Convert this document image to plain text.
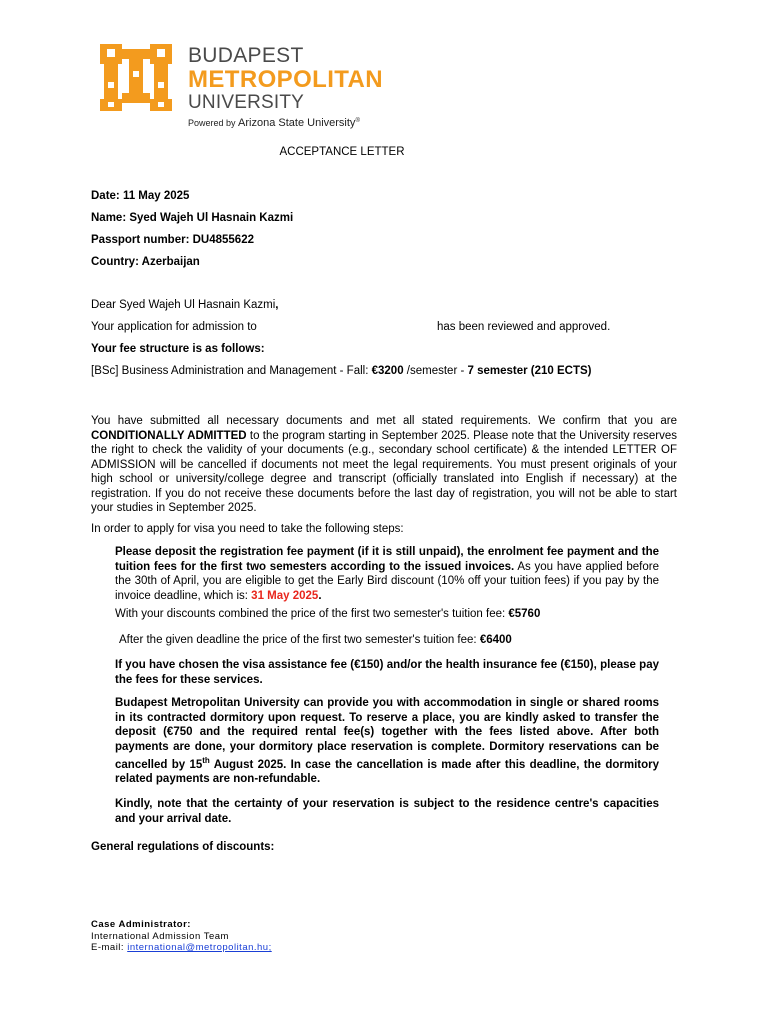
BUDAPEST
METROPOLITAN
UNIVERSITY
Powered by Arizona State University®
ACCEPTANCE LETTER
Date: 11 May 2025
Name: Syed Wajeh Ul Hasnain Kazmi
Passport number: DU4855622
Country: Azerbaijan
Dear Syed Wajeh Ul Hasnain Kazmi,
Your application for admission to	has been reviewed and approved.
Your fee structure is as follows:
[BSc] Business Administration and Management - Fall: €3200 /semester - 7 semester (210 ECTS)
You have submitted all necessary documents and met all stated requirements. We confirm that you are CONDITIONALLY ADMITTED to the program starting in September 2025. Please note that the University reserves the right to check the validity of your documents (e.g., secondary school certificate) & the intended LETTER OF ADMISSION will be cancelled if documents not meet the legal requirements. You must present originals of your high school or university/college degree and transcript (officially translated into English if necessary) at the registration. If you do not receive these documents before the last day of registration, you will not be able to start your studies in September 2025.
In order to apply for visa you need to take the following steps:
Please deposit the registration fee payment (if it is still unpaid), the enrolment fee payment and the tuition fees for the first two semesters according to the issued invoices. As you have applied before the 30th of April, you are eligible to get the Early Bird discount (10% off your tuition fees) if you pay by the invoice deadline, which is: 31 May 2025.
With your discounts combined the price of the first two semester's tuition fee: €5760
After the given deadline the price of the first two semester's tuition fee: €6400
If you have chosen the visa assistance fee (€150) and/or the health insurance fee (€150), please pay the fees for these services.
Budapest Metropolitan University can provide you with accommodation in single or shared rooms in its contracted dormitory upon request. To reserve a place, you are kindly asked to transfer the deposit (€750 and the required rental fee(s) together with the fees listed above. After both payments are done, your dormitory place reservation is complete. Dormitory reservations can be cancelled by 15th August 2025. In case the cancellation is made after this deadline, the dormitory related payments are non-refundable.
Kindly, note that the certainty of your reservation is subject to the residence centre's capacities and your arrival date.
General regulations of discounts:
Case Administrator:
International Admission Team
E-mail: international@metropolitan.hu;
